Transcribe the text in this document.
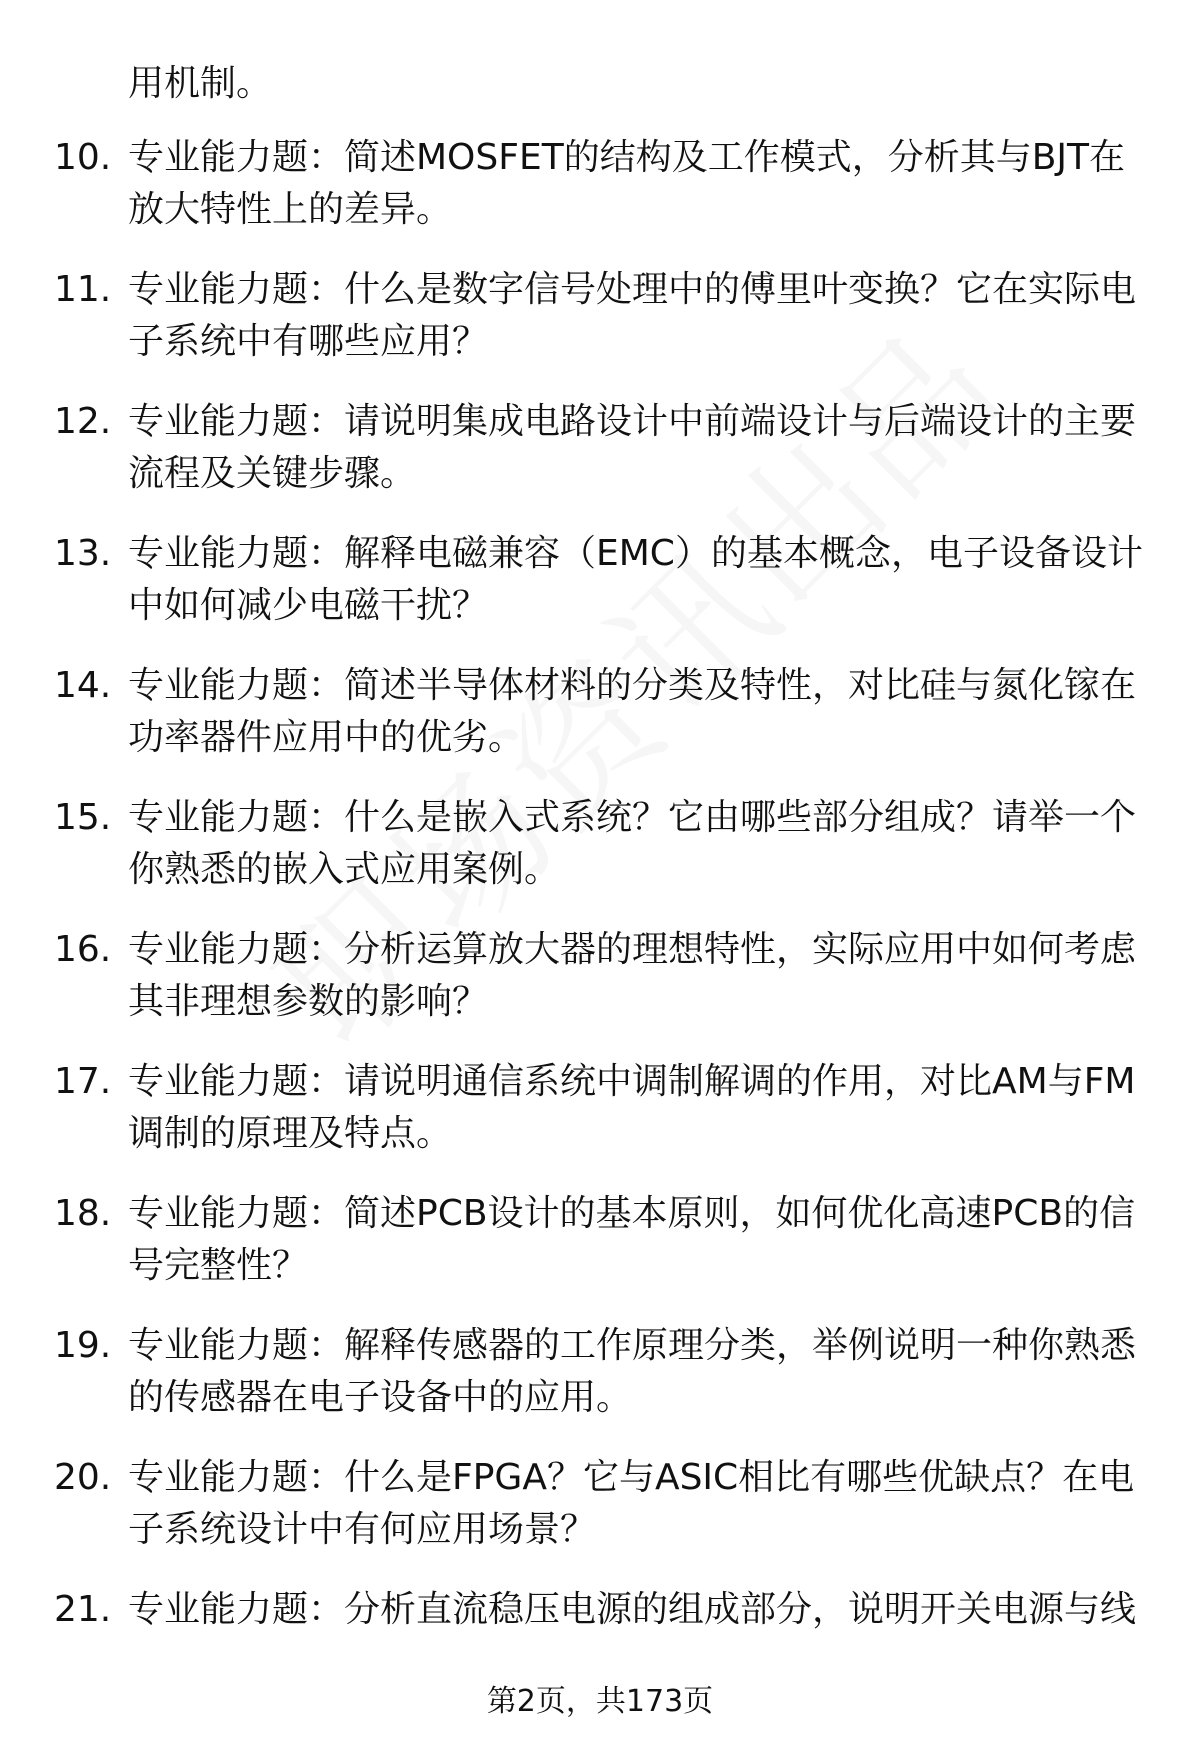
用机制。
10. 专业能力题：简述MOSFET的结构及工作模式，分析其与BJT在
放大特性上的差异。
11. 专业能力题：什么是数字信号处理中的傅里叶变换？它在实际电
子系统中有哪些应用？
12. 专业能力题：请说明集成电路设计中前端设计与后端设计的主要
流程及关键步骤。
13. 专业能力题：解释电磁兼容（EMC）的基本概念，电子设备设计
中如何减少电磁干扰？
14. 专业能力题：简述半导体材料的分类及特性，对比硅与氮化镓在
功率器件应用中的优劣。
15. 专业能力题：什么是嵌入式系统？它由哪些部分组成？请举一个
你熟悉的嵌入式应用案例。
16. 专业能力题：分析运算放大器的理想特性，实际应用中如何考虑
其非理想参数的影响？
17. 专业能力题：请说明通信系统中调制解调的作用，对比AM与FM
调制的原理及特点。
18. 专业能力题：简述PCB设计的基本原则，如何优化高速PCB的信
号完整性？
19. 专业能力题：解释传感器的工作原理分类，举例说明一种你熟悉
的传感器在电子设备中的应用。
20. 专业能力题：什么是FPGA？它与ASIC相比有哪些优缺点？在电
子系统设计中有何应用场景？
21. 专业能力题：分析直流稳压电源的组成部分，说明开关电源与线
第2页，共173页
